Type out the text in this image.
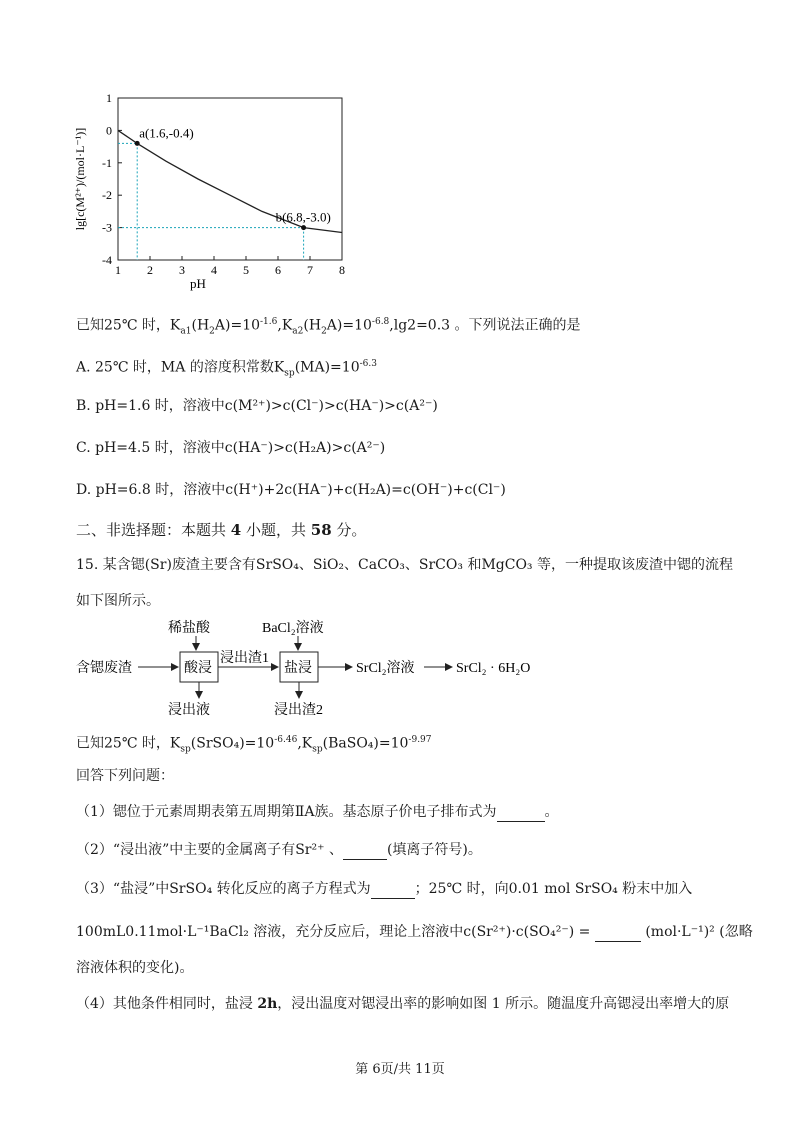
1 2 3 4 5 6 7 8
1
0
-1
-2
-3
-4
pH
lg[c(M²⁺)/(mol·L⁻¹)]	a(1.6,-0.4)
b(6.8,-3.0)
已知25℃ 时，$K_{a1}(H_2A)=10^{-1.6},K_{a2}(H_2A)=10^{-6.8},\lg 2=0.3$ 。下列说法正确的是
A. 25℃ 时，MA 的溶度积常数$K_{sp}(MA)=10^{-6.3}$
B. pH=1.6 时，溶液中c(M²⁺)>c(Cl⁻)>c(HA⁻)>c(A²⁻)
C. pH=4.5 时，溶液中c(HA⁻)>c(H₂A)>c(A²⁻)
D. pH=6.8 时，溶液中c(H⁺)+2c(HA⁻)+c(H₂A)=c(OH⁻)+c(Cl⁻)
二、非选择题：本题共 4 小题，共 58 分。
15. 某含锶(Sr)废渣主要含有SrSO₄、SiO₂、CaCO₃、SrCO₃ 和MgCO₃ 等，一种提取该废渣中锶的流程
如下图所示。
含锶废渣
稀盐酸
酸浸
浸出液
浸出渣1
BaCl₂溶液
盐浸
浸出渣2
SrCl₂溶液	SrCl₂ · 6H₂O
已知25℃ 时，$K_{sp}(SrSO_4)=10^{-6.46},K_{sp}(BaSO_4)=10^{-9.97}$
回答下列问题：
（1）锶位于元素周期表第五周期第ⅡA族。基态原子价电子排布式为	。
（2）“浸出液”中主要的金属离子有Sr²⁺ 、	(填离子符号)。
（3）“盐浸”中SrSO₄ 转化反应的离子方程式为	；25℃ 时，向0.01 mol SrSO₄ 粉末中加入
100mL0.11mol·L⁻¹BaCl₂ 溶液，充分反应后，理论上溶液中c(Sr²⁺)·c(SO₄²⁻) =	(mol·L⁻¹)² (忽略
溶液体积的变化)。
（4）其他条件相同时，盐浸 2h，浸出温度对锶浸出率的影响如图 1 所示。随温度升高锶浸出率增大的原
第 6页/共 11页
